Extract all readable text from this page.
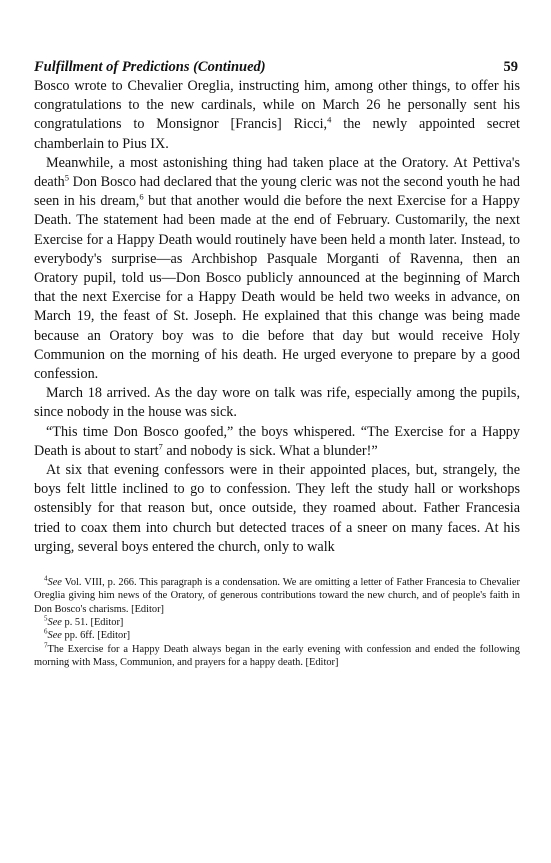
Fulfillment of Predictions (Continued)	59

Bosco wrote to Chevalier Oreglia, instructing him, among other things, to offer his congratulations to the new cardinals, while on March 26 he personally sent his congratulations to Monsignor [Francis] Ricci,$^4$ the newly appointed secret chamberlain to Pius IX.

Meanwhile, a most astonishing thing had taken place at the Oratory. At Pettiva's death$^5$ Don Bosco had declared that the young cleric was not the second youth he had seen in his dream,$^6$ but that another would die before the next Exercise for a Happy Death. The statement had been made at the end of February. Customarily, the next Exercise for a Happy Death would routinely have been held a month later. Instead, to everybody's surprise—as Archbishop Pasquale Morganti of Ravenna, then an Oratory pupil, told us—Don Bosco publicly announced at the beginning of March that the next Exercise for a Happy Death would be held two weeks in advance, on March 19, the feast of St. Joseph. He explained that this change was being made because an Oratory boy was to die before that day but would receive Holy Communion on the morning of his death. He urged everyone to prepare by a good confession.

March 18 arrived. As the day wore on talk was rife, especially among the pupils, since nobody in the house was sick.

“This time Don Bosco goofed,” the boys whispered. “The Exercise for a Happy Death is about to start$^7$ and nobody is sick. What a blunder!”

At six that evening confessors were in their appointed places, but, strangely, the boys felt little inclined to go to confession. They left the study hall or workshops ostensibly for that reason but, once outside, they roamed about. Father Francesia tried to coax them into church but detected traces of a sneer on many faces. At his urging, several boys entered the church, only to walk

$^4$See Vol. VIII, p. 266. This paragraph is a condensation. We are omitting a letter of Father Francesia to Chevalier Oreglia giving him news of the Oratory, of generous contributions toward the new church, and of people's faith in Don Bosco's charisms. [Editor]

$^5$See p. 51. [Editor]

$^6$See pp. 6ff. [Editor]

$^7$The Exercise for a Happy Death always began in the early evening with confession and ended the following morning with Mass, Communion, and prayers for a happy death. [Editor]
